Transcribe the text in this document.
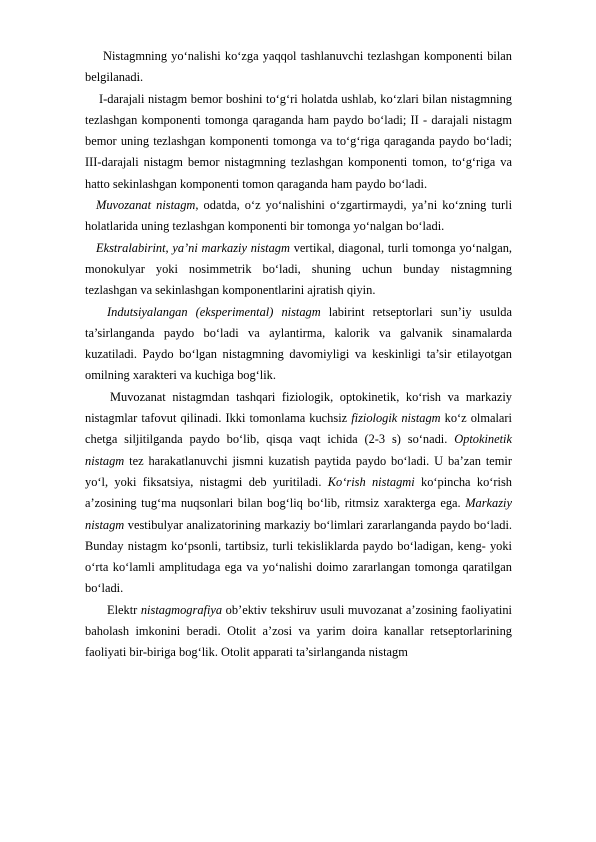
Nistagmning yo‘nalishi ko‘zga yaqqol tashlanuvchi tezlashgan komponenti bilan belgilanadi.

I-darajali nistagm bemor boshini to‘g‘ri holatda ushlab, ko‘zlari bilan nistagmning tezlashgan komponenti tomonga qaraganda ham paydo bo‘ladi; II - darajali nistagm bemor uning tezlashgan komponenti tomonga va to‘g‘riga qaraganda paydo bo‘ladi; III-darajali nistagm bemor nistagmning tezlashgan komponenti tomon, to‘g‘riga va hatto sekinlashgan komponenti tomon qaraganda ham paydo bo‘ladi.

Muvozanat nistagm, odatda, o‘z yo‘nalishini o‘zgartirmaydi, ya’ni ko‘zning turli holatlarida uning tezlashgan komponenti bir tomonga yo‘nalgan bo‘ladi.

Ekstralabirint, ya’ni markaziy nistagm vertikal, diagonal, turli tomonga yo‘nalgan, monokulyar yoki nosimmetrik bo‘ladi, shuning uchun bunday nistagmning tezlashgan va sekinlashgan komponentlarini ajratish qiyin.

Indutsiyalangan (eksperimental) nistagm labirint retseptorlari sun’iy usulda ta’sirlanganda paydo bo‘ladi va aylantirma, kalorik va galvanik sinamalarda kuzatiladi. Paydo bo‘lgan nistagmning davomiyligi va keskinligi ta’sir etilayotgan omilning xarakteri va kuchiga bog‘lik.

Muvozanat nistagmdan tashqari fiziologik, optokinetik, ko‘rish va markaziy nistagmlar tafovut qilinadi. Ikki tomonlama kuchsiz fiziologik nistagm ko‘z olmalari chetga siljitilganda paydo bo‘lib, qisqa vaqt ichida (2-3 s) so‘nadi. Optokinetik nistagm tez harakatlanuvchi jismni kuzatish paytida paydo bo‘ladi. U ba’zan temir yo‘l, yoki fiksatsiya, nistagmi deb yuritiladi. Ko‘rish nistagmi ko‘pincha ko‘rish a’zosining tug‘ma nuqsonlari bilan bog‘liq bo‘lib, ritmsiz xarakterga ega. Markaziy nistagm vestibulyar analizatorining markaziy bo‘limlari zararlanganda paydo bo‘ladi. Bunday nistagm ko‘psonli, tartibsiz, turli tekisliklarda paydo bo‘ladigan, keng- yoki o‘rta ko‘lamli amplitudaga ega va yo‘nalishi doimo zararlangan tomonga qaratilgan bo‘ladi.

Elektr nistagmografiya ob’ektiv tekshiruv usuli muvozanat a’zosining faoliyatini baholash imkonini beradi. Otolit a’zosi va yarim doira kanallar retseptorlarining faoliyati bir-biriga bog‘lik. Otolit apparati ta’sirlanganda nistagm
